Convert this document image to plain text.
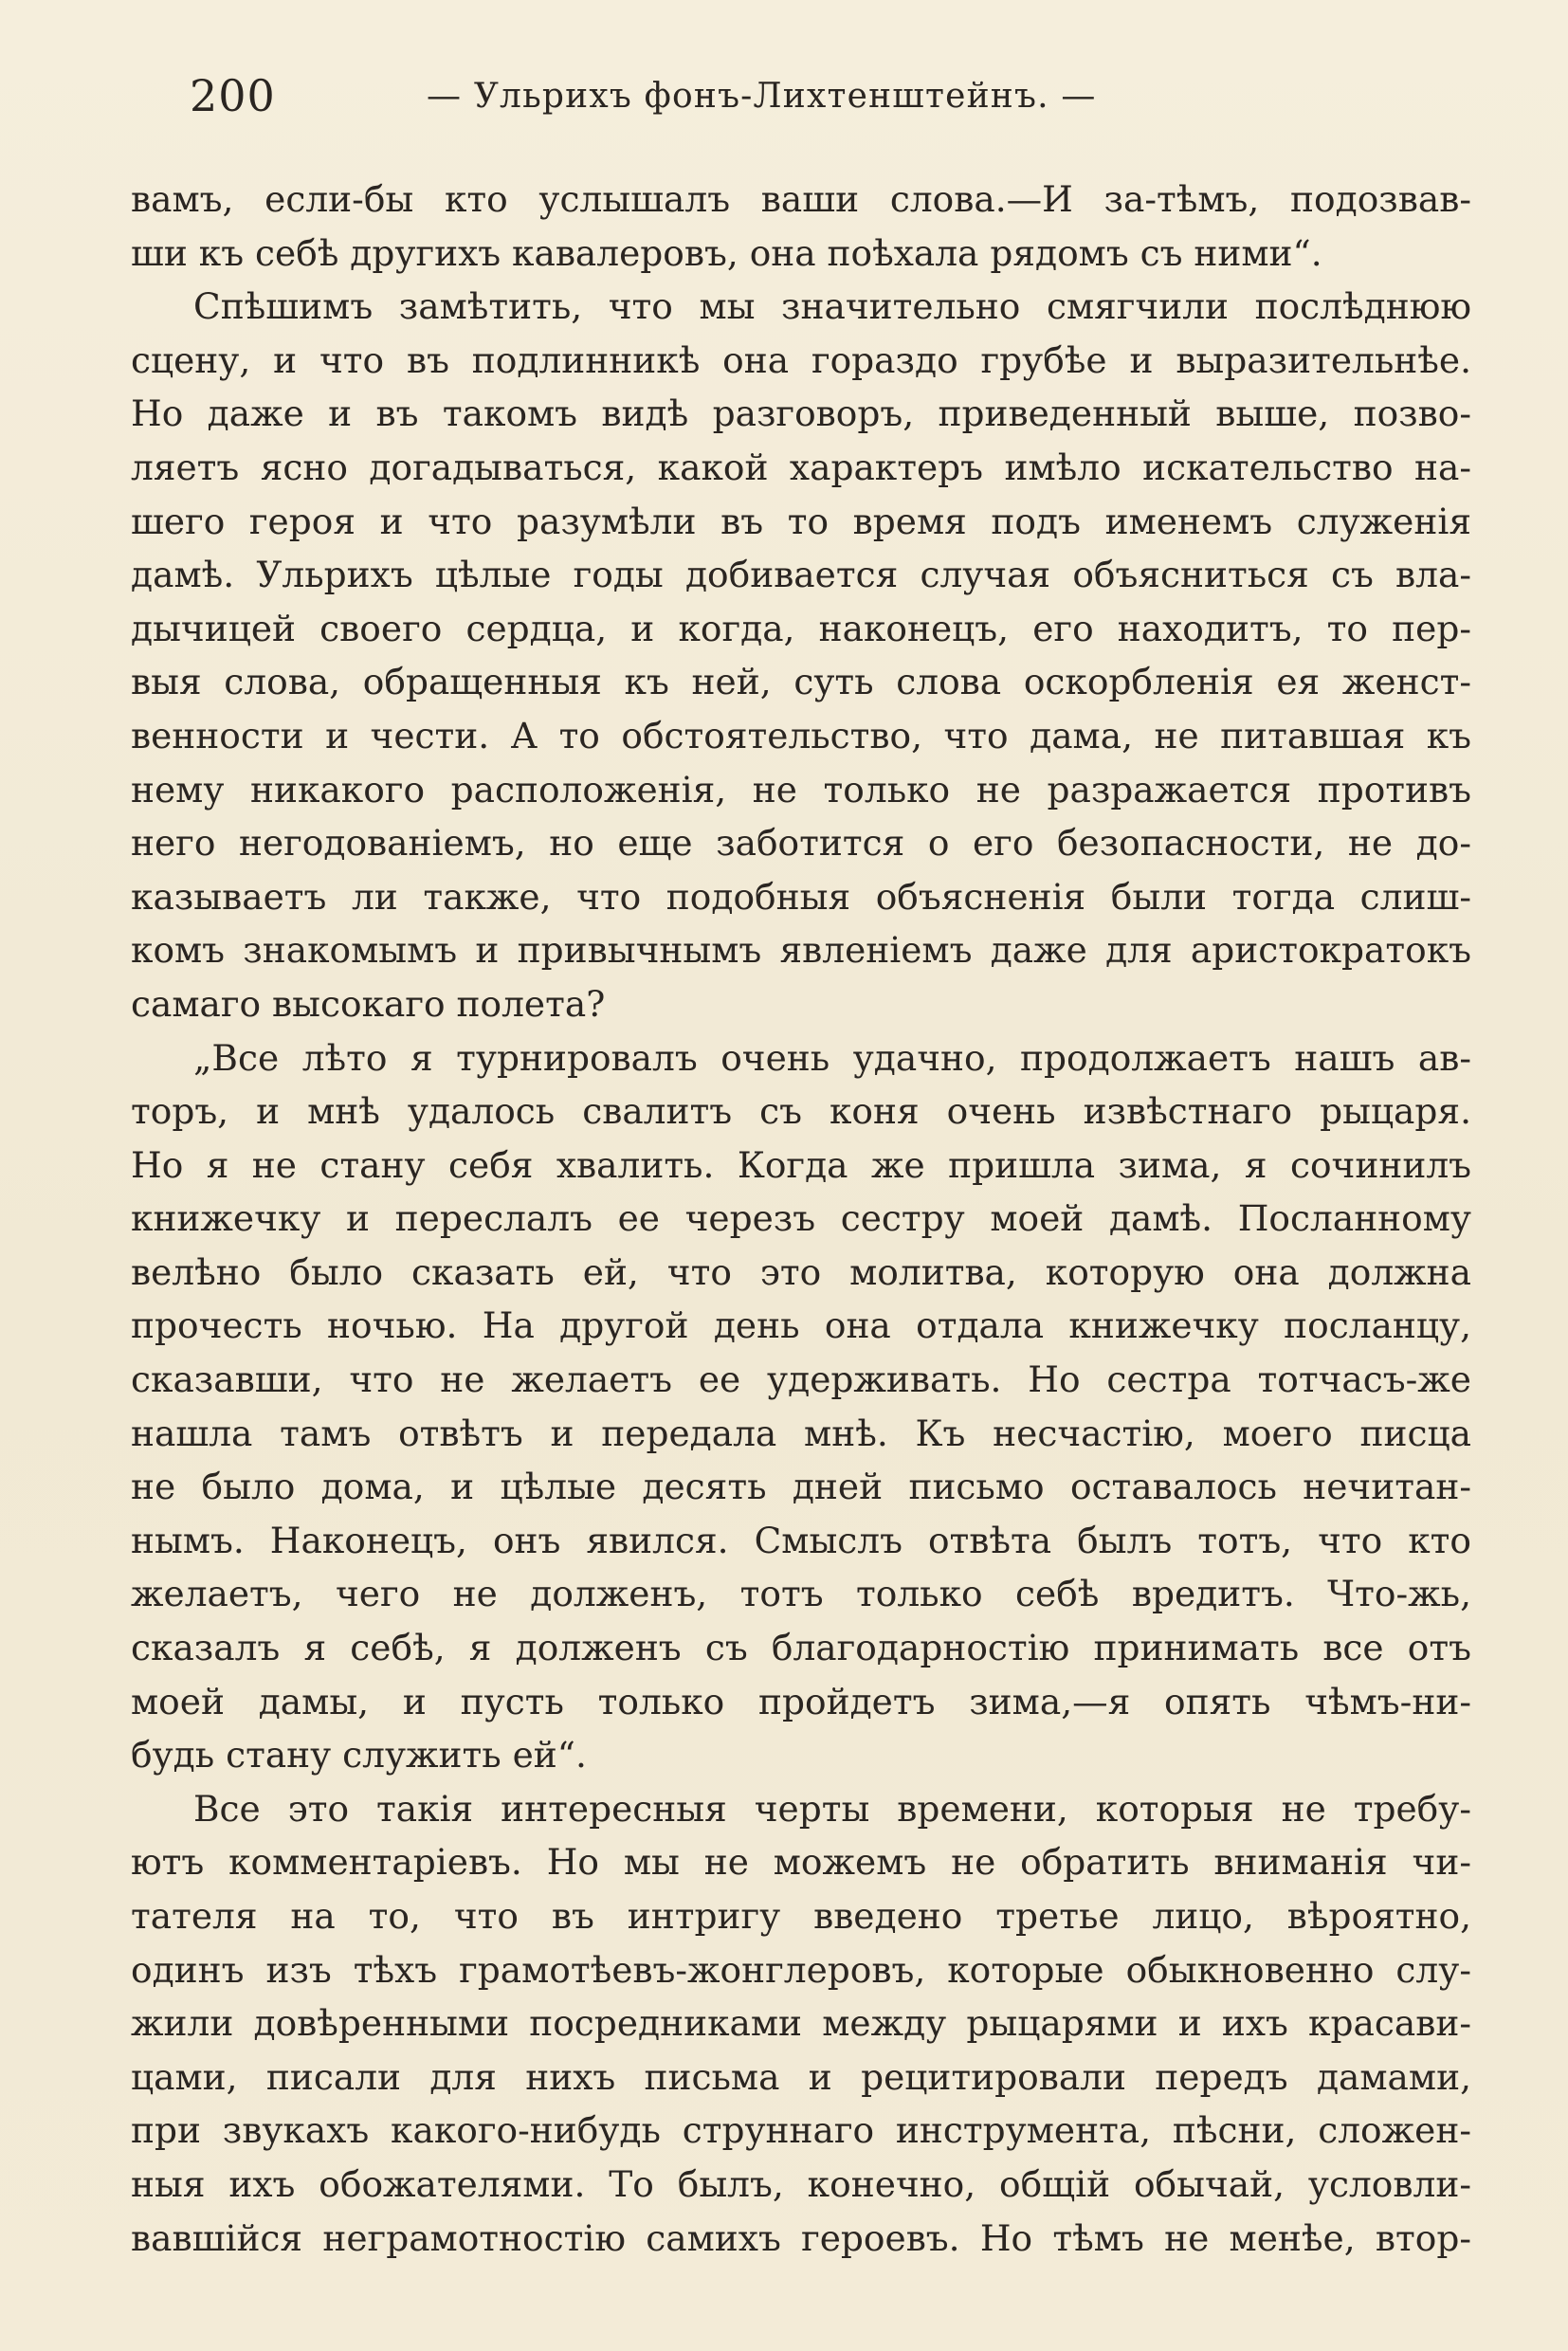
200	— Ульрихъ фонъ-Лихтенштейнъ. —
вамъ, если-бы кто услышалъ ваши слова.—И за-тѣмъ, подозвав-
ши къ себѣ другихъ кавалеровъ, она поѣхала рядомъ съ ними“.
Спѣшимъ замѣтить, что мы значительно смягчили послѣднюю
сцену, и что въ подлинникѣ она гораздо грубѣе и выразительнѣе.
Но даже и въ такомъ видѣ разговоръ, приведенный выше, позво-
ляетъ ясно догадываться, какой характеръ имѣло искательство на-
шего героя и что разумѣли въ то время подъ именемъ служенія
дамѣ. Ульрихъ цѣлые годы добивается случая объясниться съ вла-
дычицей своего сердца, и когда, наконецъ, его находитъ, то пер-
выя слова, обращенныя къ ней, суть слова оскорбленія ея женст-
венности и чести. А то обстоятельство, что дама, не питавшая къ
нему никакого расположенія, не только не разражается противъ
него негодованіемъ, но еще заботится о его безопасности, не до-
казываетъ ли также, что подобныя объясненія были тогда слиш-
комъ знакомымъ и привычнымъ явленіемъ даже для аристократокъ
самаго высокаго полета?
„Все лѣто я турнировалъ очень удачно, продолжаетъ нашъ ав-
торъ, и мнѣ удалось свалитъ съ коня очень извѣстнаго рыцаря.
Но я не стану себя хвалить. Когда же пришла зима, я сочинилъ
книжечку и переслалъ ее черезъ сестру моей дамѣ. Посланному
велѣно было сказать ей, что это молитва, которую она должна
прочесть ночью. На другой день она отдала книжечку посланцу,
сказавши, что не желаетъ ее удерживать. Но сестра тотчасъ-же
нашла тамъ отвѣтъ и передала мнѣ. Къ несчастію, моего писца
не было дома, и цѣлые десять дней письмо оставалось нечитан-
нымъ. Наконецъ, онъ явился. Смыслъ отвѣта былъ тотъ, что кто
желаетъ, чего не долженъ, тотъ только себѣ вредитъ. Что-жь,
сказалъ я себѣ, я долженъ съ благодарностію принимать все отъ
моей дамы, и пусть только пройдетъ зима,—я опять чѣмъ-ни-
будь стану служить ей“.
Все это такія интересныя черты времени, которыя не требу-
ютъ комментаріевъ. Но мы не можемъ не обратить вниманія чи-
тателя на то, что въ интригу введено третье лицо, вѣроятно,
одинъ изъ тѣхъ грамотѣевъ-жонглеровъ, которые обыкновенно слу-
жили довѣренными посредниками между рыцарями и ихъ красави-
цами, писали для нихъ письма и рецитировали передъ дамами,
при звукахъ какого-нибудь струннаго инструмента, пѣсни, сложен-
ныя ихъ обожателями. То былъ, конечно, общій обычай, условли-
вавшійся неграмотностію самихъ героевъ. Но тѣмъ не менѣе, втор-
